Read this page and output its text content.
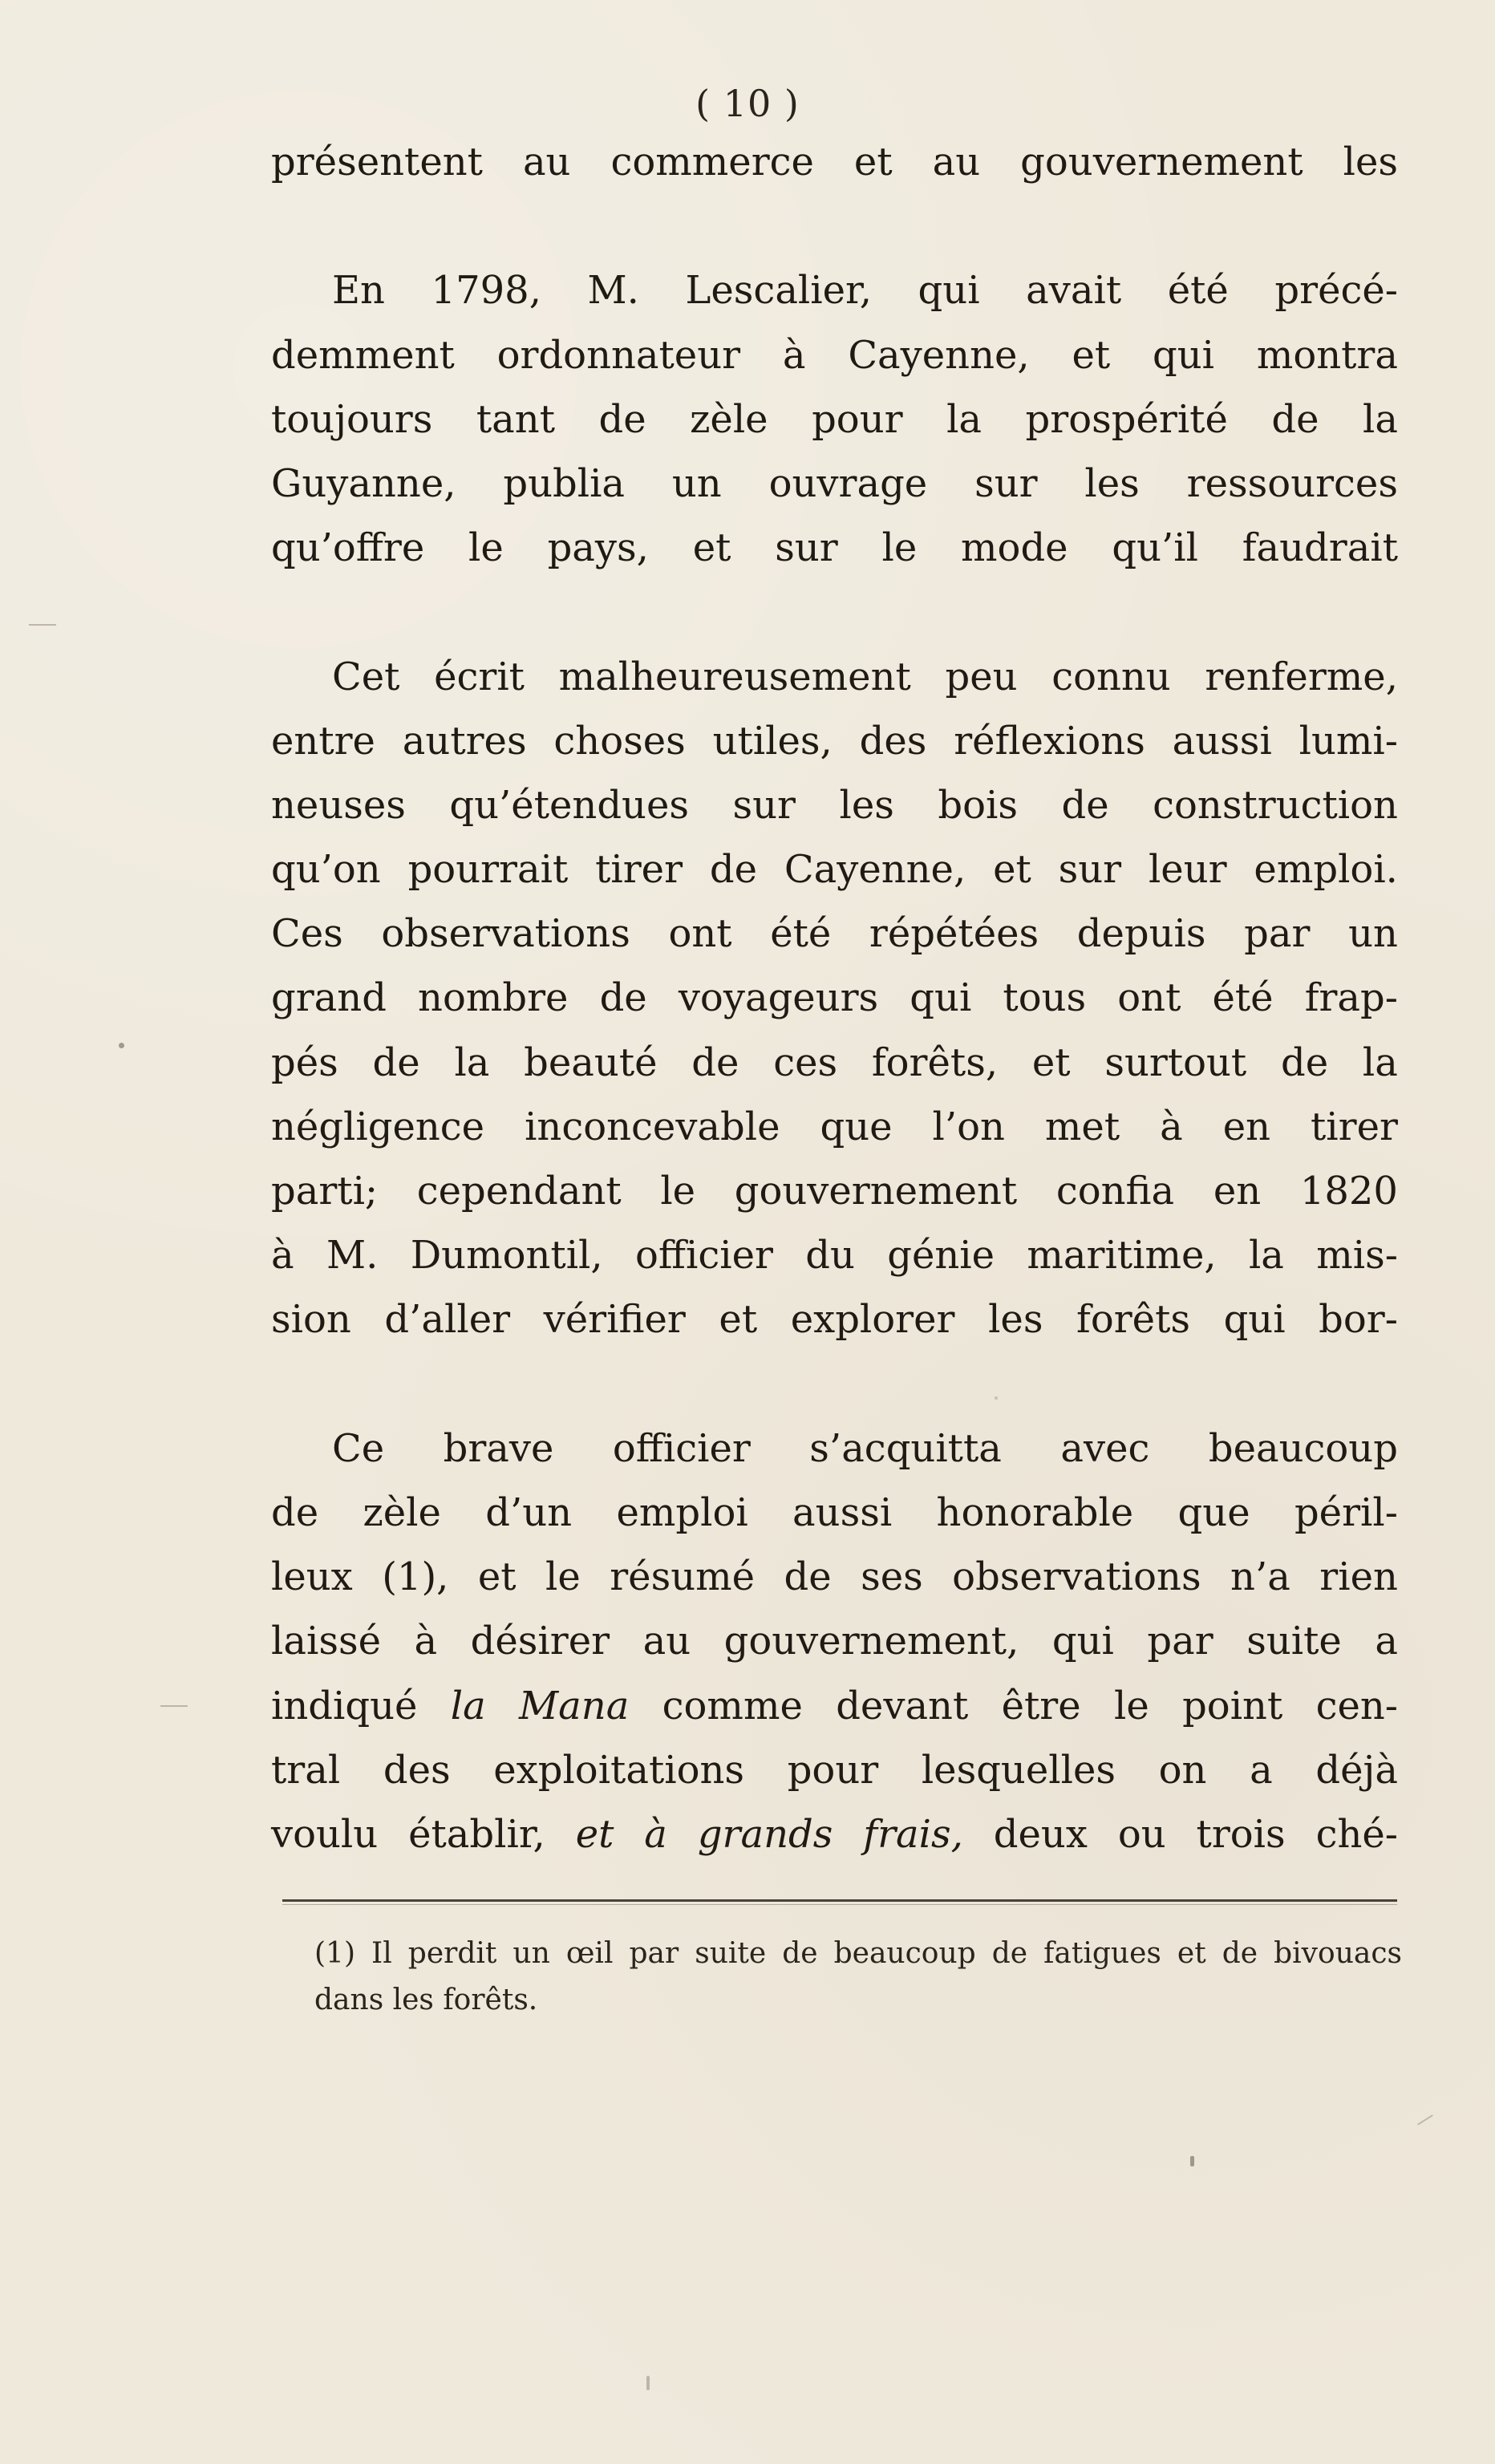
( 10 )
présentent au commerce et au gouvernement les
En 1798, M. Lescalier, qui avait été précé-
demment ordonnateur à Cayenne, et qui montra
toujours tant de zèle pour la prospérité de la
Guyanne, publia un ouvrage sur les ressources
qu’offre le pays, et sur le mode qu’il faudrait
Cet écrit malheureusement peu connu renferme,
entre autres choses utiles, des réflexions aussi lumi-
neuses qu’étendues sur les bois de construction
qu’on pourrait tirer de Cayenne, et sur leur emploi.
Ces observations ont été répétées depuis par un
grand nombre de voyageurs qui tous ont été frap-
pés de la beauté de ces forêts, et surtout de la
négligence inconcevable que l’on met à en tirer
parti; cependant le gouvernement confia en 1820
à M. Dumontil, officier du génie maritime, la mis-
sion d’aller vérifier et explorer les forêts qui bor-
Ce brave officier s’acquitta avec beaucoup
de zèle d’un emploi aussi honorable que péril-
leux (1), et le résumé de ses observations n’a rien
laissé à désirer au gouvernement, qui par suite a
indiqué la Mana comme devant être le point cen-
tral des exploitations pour lesquelles on a déjà
voulu établir, et à grands frais, deux ou trois ché-
(1) Il perdit un œil par suite de beaucoup de fatigues et de bivouacs
dans les forêts.
